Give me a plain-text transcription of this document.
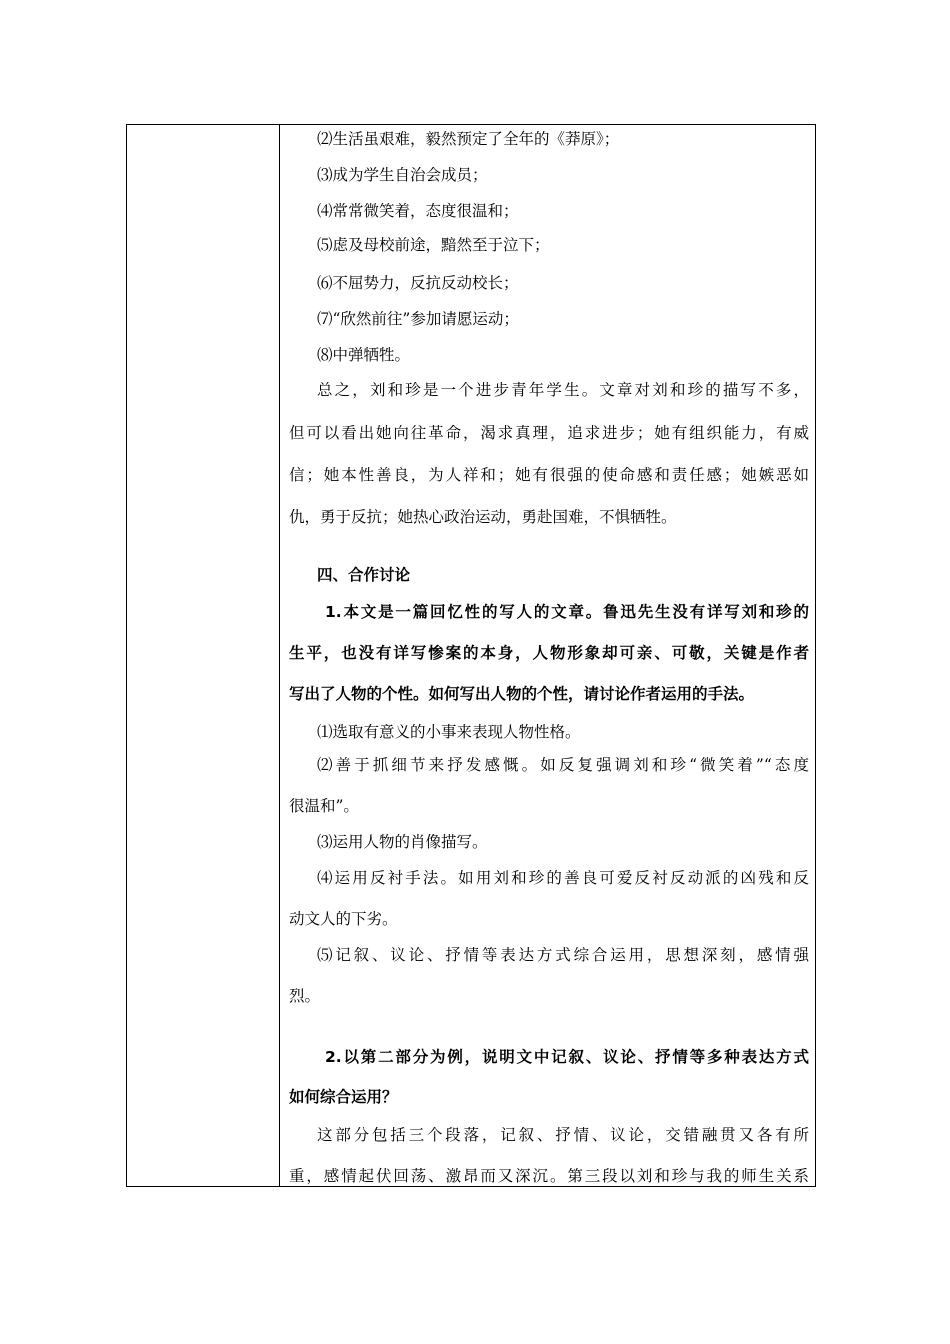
⑵生活虽艰难，毅然预定了全年的《莽原》；
⑶成为学生自治会成员；
⑷常常微笑着，态度很温和；
⑸虑及母校前途，黯然至于泣下；
⑹不屈势力，反抗反动校长；
⑺“欣然前往”参加请愿运动；
⑻中弹牺牲。
总之，刘和珍是一个进步青年学生。文章对刘和珍的描写不多，
但可以看出她向往革命，渴求真理，追求进步；她有组织能力，有威
信；她本性善良，为人祥和；她有很强的使命感和责任感；她嫉恶如
仇，勇于反抗；她热心政治运动，勇赴国难，不惧牺牲。
四、合作讨论
1.本文是一篇回忆性的写人的文章。鲁迅先生没有详写刘和珍的
生平，也没有详写惨案的本身，人物形象却可亲、可敬，关键是作者
写出了人物的个性。如何写出人物的个性，请讨论作者运用的手法。
⑴选取有意义的小事来表现人物性格。
⑵善于抓细节来抒发感慨。如反复强调刘和珍“微笑着”“态度
很温和”。
⑶运用人物的肖像描写。
⑷运用反衬手法。如用刘和珍的善良可爱反衬反动派的凶残和反
动文人的下劣。
⑸记叙、议论、抒情等表达方式综合运用，思想深刻，感情强
烈。
2.以第二部分为例，说明文中记叙、议论、抒情等多种表达方式
如何综合运用？
这部分包括三个段落，记叙、抒情、议论，交错融贯又各有所
重，感情起伏回荡、激昂而又深沉。第三段以刘和珍与我的师生关系
